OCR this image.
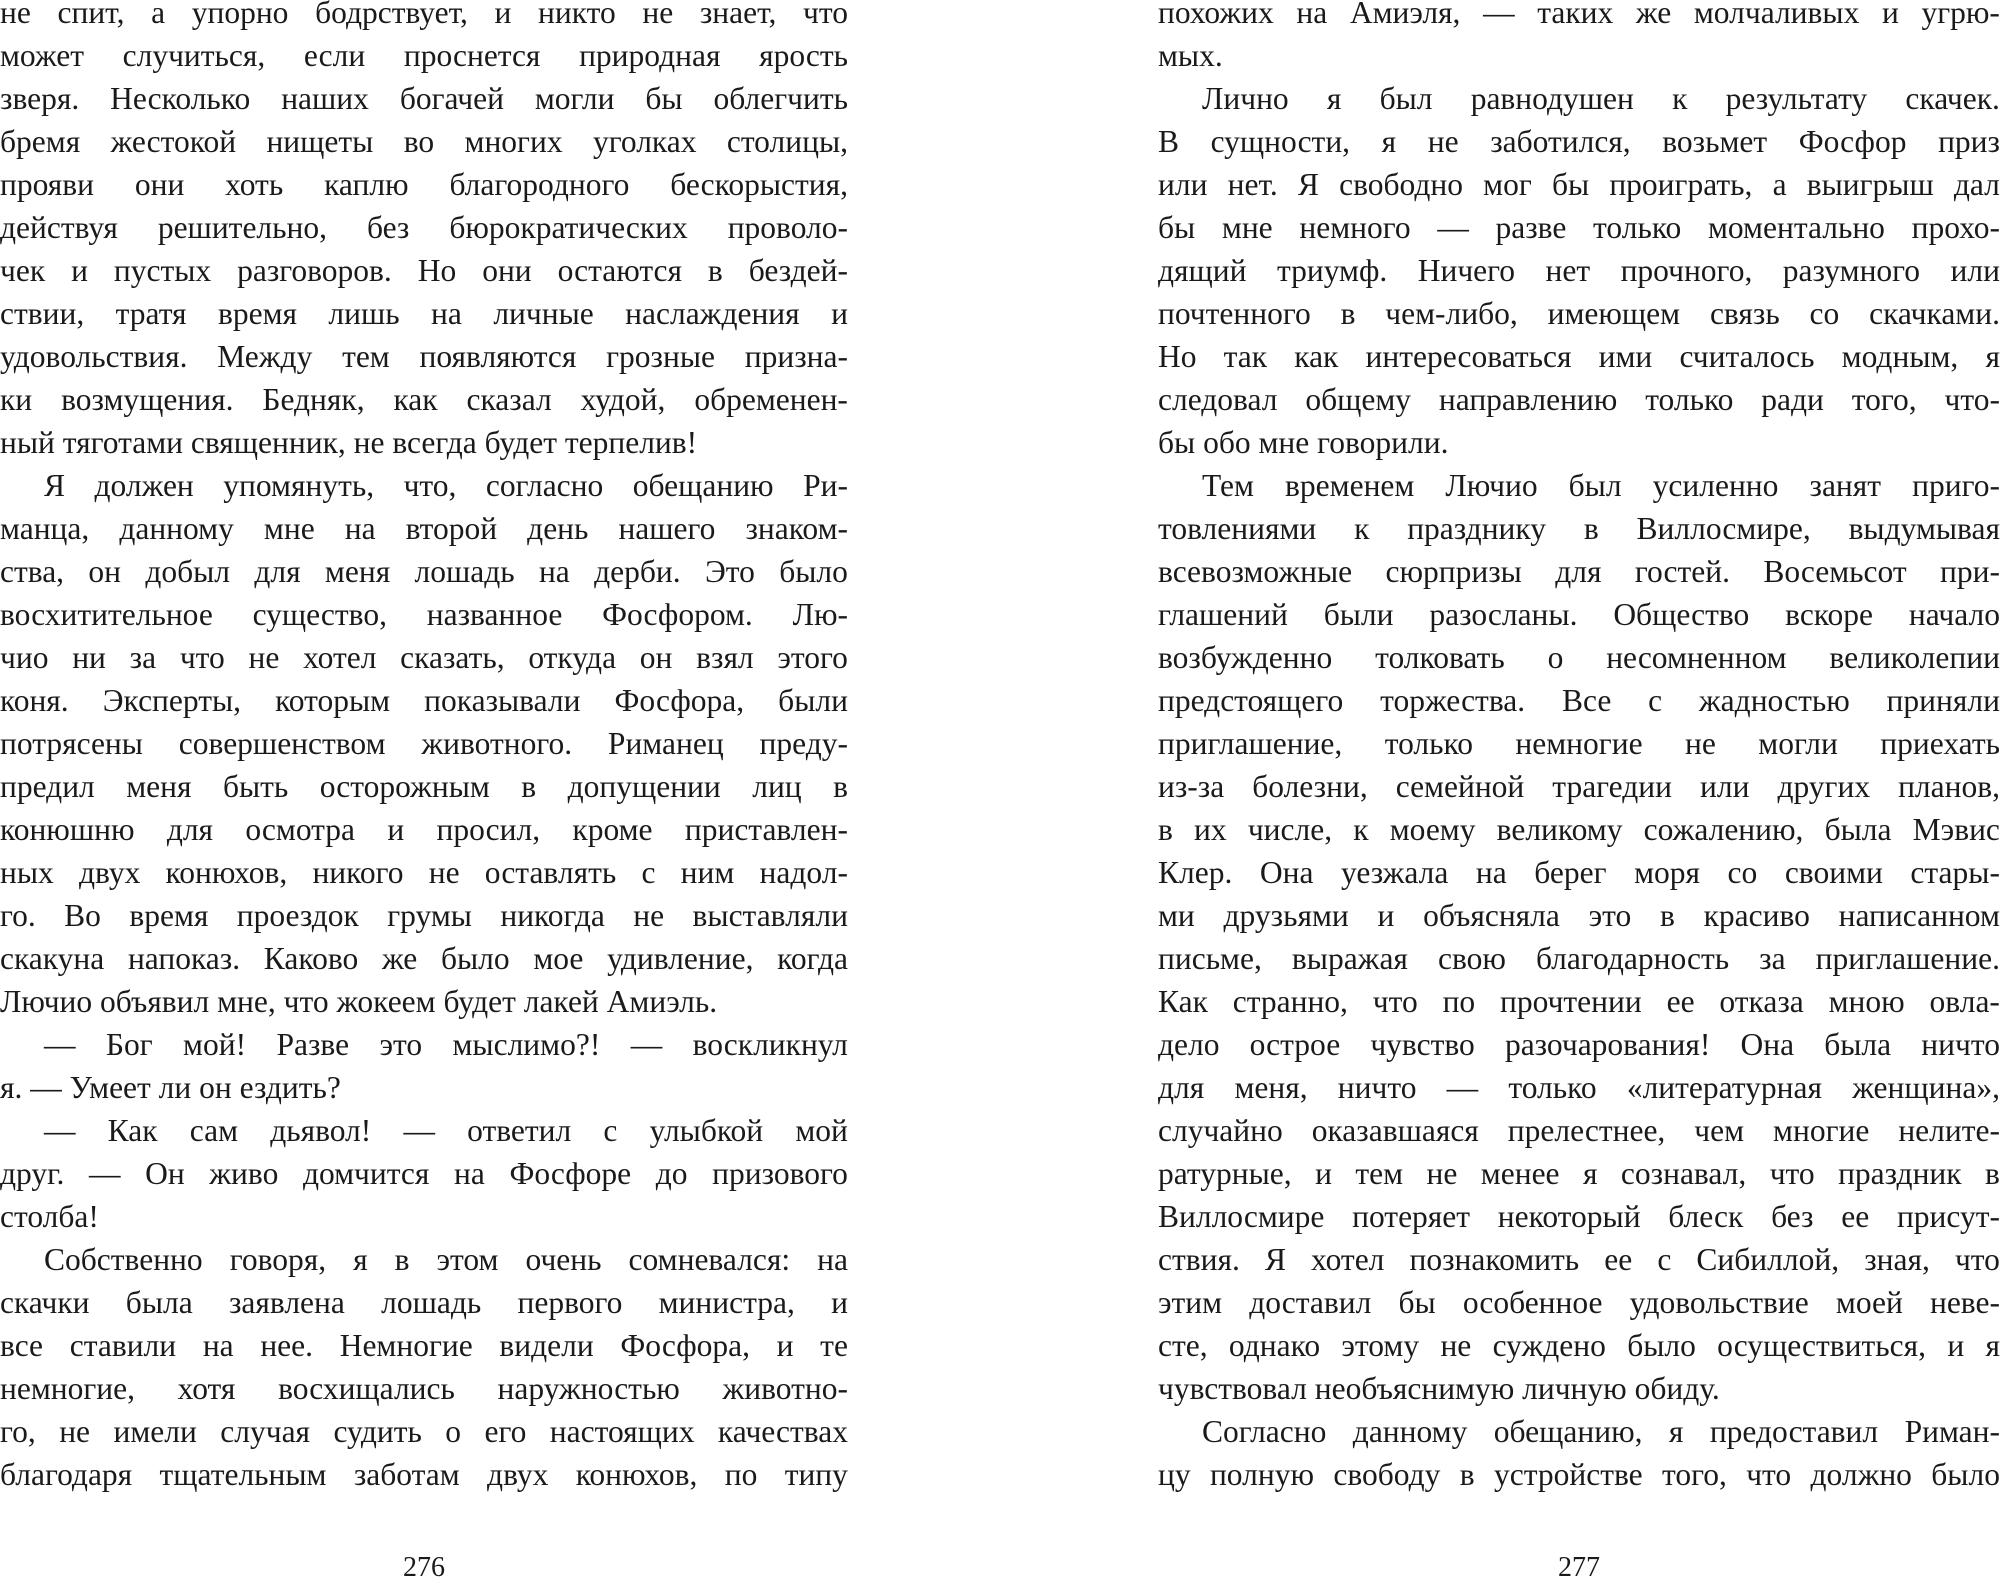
не спит, а упорно бодрствует, и никто не знает, что
может случиться, если проснется природная ярость
зверя. Несколько наших богачей могли бы облегчить
бремя жестокой нищеты во многих уголках столицы,
прояви они хоть каплю благородного бескорыстия,
действуя решительно, без бюрократических проволо-
чек и пустых разговоров. Но они остаются в бездей-
ствии, тратя время лишь на личные наслаждения и
удовольствия. Между тем появляются грозные призна-
ки возмущения. Бедняк, как сказал худой, обременен-
ный тяготами священник, не всегда будет терпелив!
Я должен упомянуть, что, согласно обещанию Ри-
манца, данному мне на второй день нашего знаком-
ства, он добыл для меня лошадь на дерби. Это было
восхитительное существо, названное Фосфором. Лю-
чио ни за что не хотел сказать, откуда он взял этого
коня. Эксперты, которым показывали Фосфора, были
потрясены совершенством животного. Риманец преду-
предил меня быть осторожным в допущении лиц в
конюшню для осмотра и просил, кроме приставлен-
ных двух конюхов, никого не оставлять с ним надол-
го. Во время проездок грумы никогда не выставляли
скакуна напоказ. Каково же было мое удивление, когда
Лючио объявил мне, что жокеем будет лакей Амиэль.
— Бог мой! Разве это мыслимо?! — воскликнул
я. — Умеет ли он ездить?
— Как сам дьявол! — ответил с улыбкой мой
друг. — Он живо домчится на Фосфоре до призового
столба!
Собственно говоря, я в этом очень сомневался: на
скачки была заявлена лошадь первого министра, и
все ставили на нее. Немногие видели Фосфора, и те
немногие, хотя восхищались наружностью животно-
го, не имели случая судить о его настоящих качествах
благодаря тщательным заботам двух конюхов, по типу
276
похожих на Амиэля, — таких же молчаливых и угрю-
мых.
Лично я был равнодушен к результату скачек.
В сущности, я не заботился, возьмет Фосфор приз
или нет. Я свободно мог бы проиграть, а выигрыш дал
бы мне немного — разве только моментально прохо-
дящий триумф. Ничего нет прочного, разумного или
почтенного в чем-либо, имеющем связь со скачками.
Но так как интересоваться ими считалось модным, я
следовал общему направлению только ради того, что-
бы обо мне говорили.
Тем временем Лючио был усиленно занят приго-
товлениями к празднику в Виллосмире, выдумывая
всевозможные сюрпризы для гостей. Восемьсот при-
глашений были разосланы. Общество вскоре начало
возбужденно толковать о несомненном великолепии
предстоящего торжества. Все с жадностью приняли
приглашение, только немногие не могли приехать
из-за болезни, семейной трагедии или других планов,
в их числе, к моему великому сожалению, была Мэвис
Клер. Она уезжала на берег моря со своими стары-
ми друзьями и объясняла это в красиво написанном
письме, выражая свою благодарность за приглашение.
Как странно, что по прочтении ее отказа мною овла-
дело острое чувство разочарования! Она была ничто
для меня, ничто — только «литературная женщина»,
случайно оказавшаяся прелестнее, чем многие нелите-
ратурные, и тем не менее я сознавал, что праздник в
Виллосмире потеряет некоторый блеск без ее присут-
ствия. Я хотел познакомить ее с Сибиллой, зная, что
этим доставил бы особенное удовольствие моей неве-
сте, однако этому не суждено было осуществиться, и я
чувствовал необъяснимую личную обиду.
Согласно данному обещанию, я предоставил Риман-
цу полную свободу в устройстве того, что должно было
277
